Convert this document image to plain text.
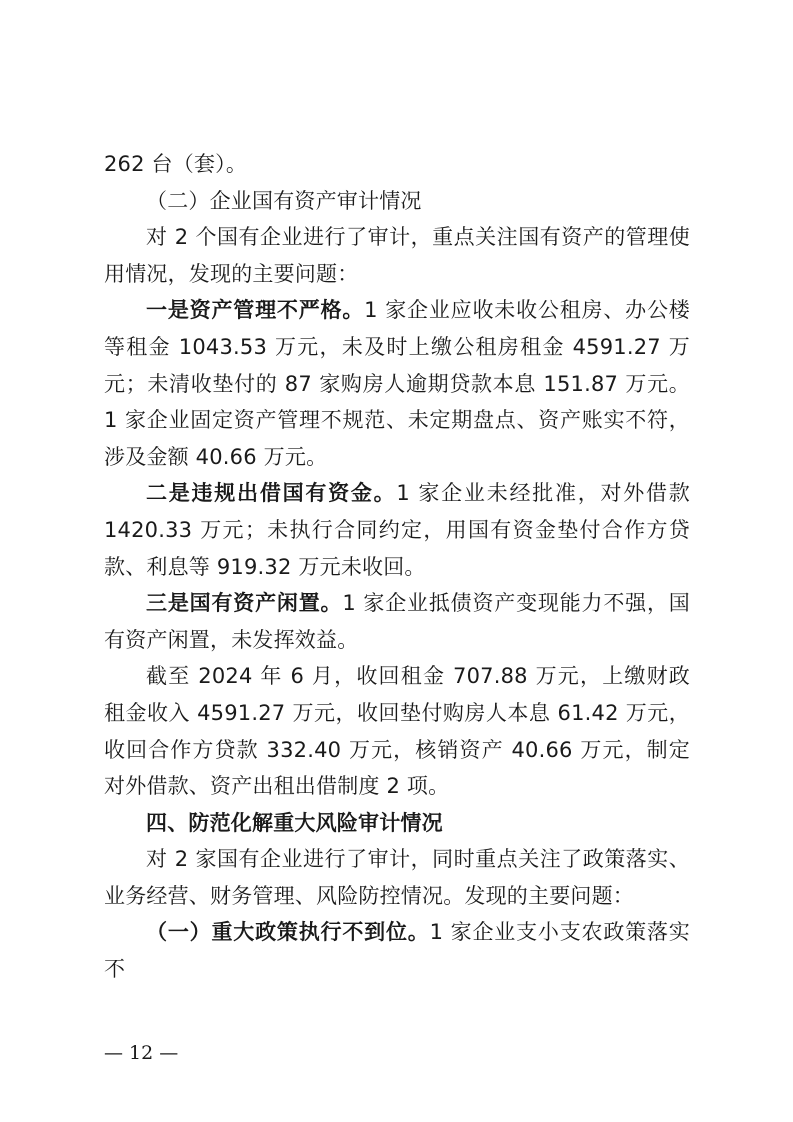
262 台（套）。

（二）企业国有资产审计情况

对 2 个国有企业进行了审计，重点关注国有资产的管理使用情况，发现的主要问题：

一是资产管理不严格。1 家企业应收未收公租房、办公楼等租金 1043.53 万元，未及时上缴公租房租金 4591.27 万元；未清收垫付的 87 家购房人逾期贷款本息 151.87 万元。1 家企业固定资产管理不规范、未定期盘点、资产账实不符，涉及金额 40.66 万元。

二是违规出借国有资金。1 家企业未经批准，对外借款 1420.33 万元；未执行合同约定，用国有资金垫付合作方贷款、利息等 919.32 万元未收回。

三是国有资产闲置。1 家企业抵债资产变现能力不强，国有资产闲置，未发挥效益。

截至 2024 年 6 月，收回租金 707.88 万元，上缴财政租金收入 4591.27 万元，收回垫付购房人本息 61.42 万元，收回合作方贷款 332.40 万元，核销资产 40.66 万元，制定对外借款、资产出租出借制度 2 项。

四、防范化解重大风险审计情况

对 2 家国有企业进行了审计，同时重点关注了政策落实、业务经营、财务管理、风险防控情况。发现的主要问题：

（一）重大政策执行不到位。1 家企业支小支农政策落实不

— 12 —
